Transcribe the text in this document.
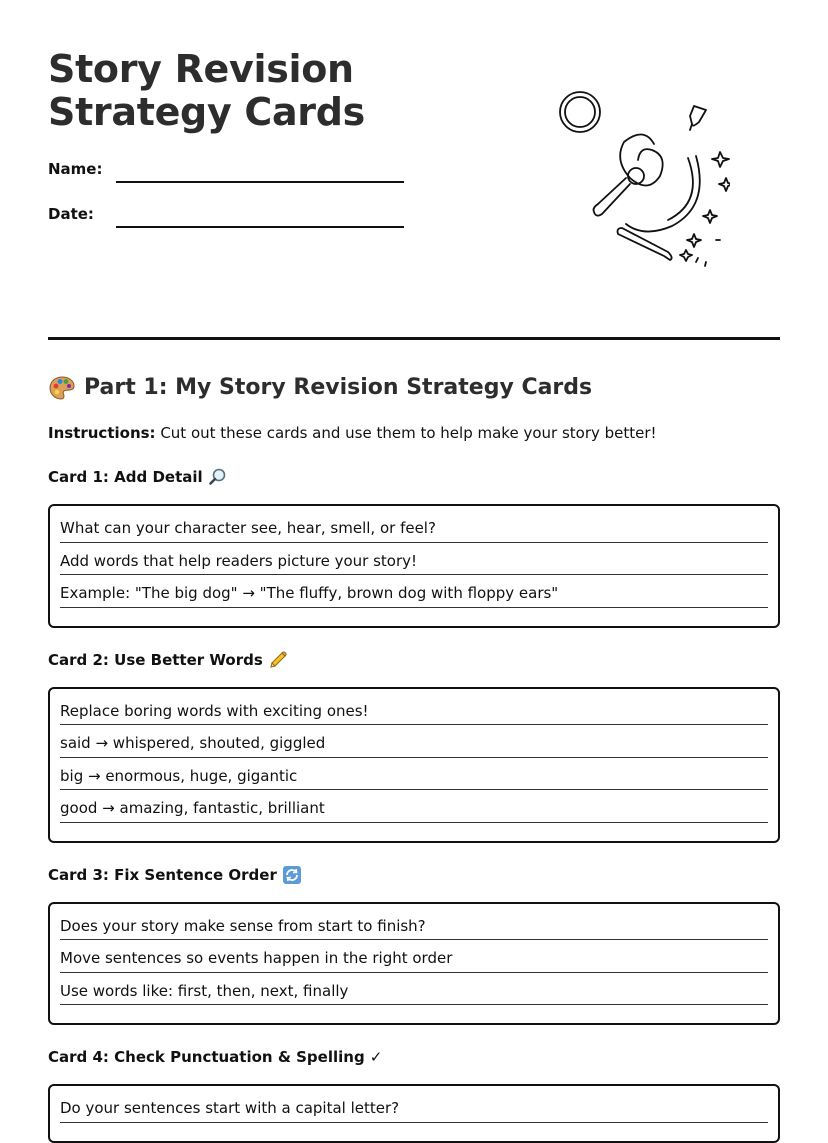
Story Revision Strategy Cards
Name:
Date:
Part 1: My Story Revision Strategy Cards
Instructions: Cut out these cards and use them to help make your story better!
Card 1: Add Detail
What can your character see, hear, smell, or feel?
Add words that help readers picture your story!
Example: "The big dog" → "The fluffy, brown dog with floppy ears"
Card 2: Use Better Words
Replace boring words with exciting ones!
said → whispered, shouted, giggled
big → enormous, huge, gigantic
good → amazing, fantastic, brilliant
Card 3: Fix Sentence Order
Does your story make sense from start to finish?
Move sentences so events happen in the right order
Use words like: first, then, next, finally
Card 4: Check Punctuation & Spelling ✓
Do your sentences start with a capital letter?
